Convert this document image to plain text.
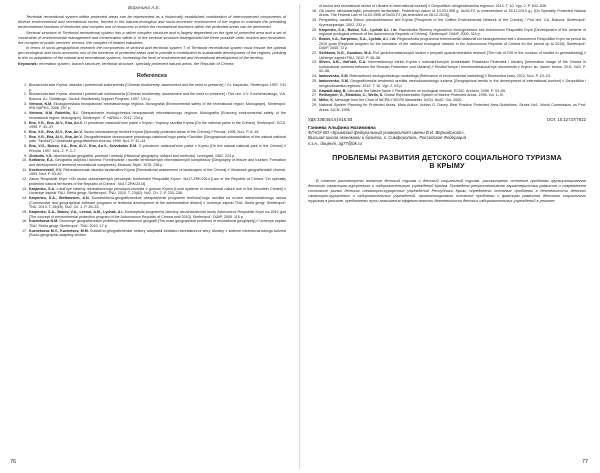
Воронина А.Е.

Territorial recreational system within protected areas can be represented as a historically established combination of interconnected components of diverse environmental and recreational sector, formed in the natural-ecological and socio-economic environment of the region to maintain the prevailing environmental functions of territories and complex use of resources in which the recreational functions within the protected areas can be performed.

Sectoral structure of Territorial recreational system has a rather complex structure and is largely dependent on the type of protected area and a set of constraints of environmental management and conservation within it. In the sectoral structure distinguished are three possible units: tourism and recreation, the complex of public services' sectors, the complex of related industries.

In terms of socio-geographical research the components of sectoral and territorial system T of Territorial recreational system must ensure the optimal geo-ecological and socio-economic mix of the functions of protected areas and to provide a contribution to sustainable development of the regions, pointing to the co-adaptation of the natural and recreational systems, increasing the level of environmental and recreational development of the territory.

Keywords: recreation system, branch structure, territorial structure, specially protected natural areas, the Republic of Crimea

References
1. Bioraznoobrazie Kryma: otsenka I potrebnosti sokhraneniia [Crimean biodiversity: assessment and the need to preserve] / Yu. Karpenko. Simferopol: 1997. 131 p.
2. Bioraznoobrazie Kryma: otsenka I potrebnosti sokhraneniia [Crimean biodiversity: assessment and the need to preserve] / Fed red. V.V. Korzhenevskogo, V.A. Bokova, A.I. Dulitskogo. Gurzuf: Biodiversity Support Program, 1997. 131 p.
3. Vetrova, N.M. Ekologicheskaia bezopasnost' rekreatsionnogo regiona: Monografiia [Environmental safety of the recreational region: Monograph]. Simferopol: IRD NAPKS, 2006. 297 p.
4. Vetrova, N.M. Rubetilo, S.I. Obespechenie ekologicheskoi bezopasnosti rekreatsionnogo regiona: Monografiia [Ensuring environmental safety of the recreational region: Monograph]. Simferopol': IT «ARIAL», 2012. 234 p.
5. Ena, V.G., Ena, Al.V., Ena, An.V. O prirodnom natsional'nom parke v Krymu / Voprosy razvitiia Kryma [On the national parks in the Crimea]. Simferopol': SOJI, 1995. P. 42–47.
6. Ena, V.G., Ena, Al.V., Ena, An.V. Osobo okhraniaemye territorii Kryma [Specially protected areas of the Crimea] // Priroda. 1995. No1. P. 6–16.
7. Ena, V.G., Ena, Al.V., Ena, An.V. Geograficheskoe obosnovanie prirodnogo natsional'nogo parka «Tavrida» [Geographical substantiation of the natural national park "Tavrida"] // Ukrainskii geograficheskii zhurnal. 1999. No1. P. 42–44.
8. Ena, V.G., Bokov, V.A., Ena, Al.V., Ena, An.V., Krivokulov E.M. O prirodnom natsional'nom parke v Krymu [On the natural national park in the Crimea] // Priroda. 1997. No1–2. P. 2–7.
9. Zhekulin, V.S. Istoricheskaia geografiia: predmet i metody [Historical geography: subject and methods]. Leningrad, 1982. 224 p.
10. Kotliarov, E.A. Geografiia otdykha i turizma: Formirovanie i razvitie territorial'nykh rekreatsionnykh kompleksov [Geography of leisure and tourism: Formation and development of territorial recreational complexes]. Moscow: Mysl', 1978. 238 p.
11. Korzhenevskii, V.V. Rekreatsionnaia otsenka landshaftov Kryma [Recreational assessment of landscapes of the Crimea] // Ukrainskii geograficheskii zhurnal. 1993. No4. P. 53–57.
12. Zakon Respubliki Krym «Ob osobo okhraniaemykh prirodnykh territoriiakh Respubliki Krym». No17-ZRK/2014 [Law of the Republic of Crimea "On specially protected natural territories of the Republic of Crimea". No17-ZRK/2014].
13. Karpenko, S.A. Lokal'nye sistemy rekreatsionnogo prirodopol'zovaniia v gornom Krymu [Local systems of recreational nature use in the Mountain Crimea] // Ucheniye zapiski TNU: Seriia geogr. Simferopol': TNU, 2010. T. 23(62). No2. Ch. 2. P. 233–238.
14. Karpenko, S.A., Stefanovich, A.N. Konstruktivno-geograficheskoe obespechenie programm territorial'nogo razvitiia na urovne administrativnogo raiona (Constructive and geographical software programs of territorial development at the administrative district) // Uchenye zapiski TNU: Seriia geogr. Simferopol': TNU, 2013. T. 26(65). No2. Ch. 2. P. 26–33.
15. Karpenko, S.A., Bokov, V.A., Lesnoi, A.M., Lychak, A.I. Kontseptsiia programmy okhrany okruzhaiushchei sredy Avtonomnoi Respubliki Krym na 2010 god [The concept of environmental protection program of the Autonomous Republic of Crimea until 2010]. Simferopol': DIAIP, 2005. 115 p.
16. Kuznetsova N.M. Osnovnye geograficheskie problemy rekreatsionnoi geografii [The main geographical problems of recreational geography] // Uchenye zapiski TNU: Seriia geogr. Simferopol': TNU, 2010. 17 p.
17. Kuznetsova M.V., Kuznetsov, M.M. Sotsial'no-geograficheskie vektory adaptatsii turistsko-rekreatsionnoi sfery Ukrainy v sisteme mezhdunarodnogo turizma [Socio-geographic adapting vectors
76

of tourist and recreational sector of Ukraine in international tourism] // Geopolitika i ekogeodinamika regionov. 2014. T. 10. Vyp. 2. P. 632–636.

18. Ob osobo okhraniaemykh prirodnykh territoriiakh. Federal'nyi zakon ot 14.03.1995 g. No33-FZ (s izmeneniiami ot 28.12.2013 g.) [On Specially Protected Natural Areas. The Federal Law of 14.03.1995 of No33-FZ (as amended on 28.12.2013)].
19. Perspektivy razvitiia Edinoi prirodookhrannoi seti Kryma [Prospects of the Unified Environmental Network of the Crimea] / Pod red. V.A. Bokova. Simferopol': Krymuchpedgiz, 2002. 232 p.
20. Karpenko, S.A., Bokov, V.A., Lychak A.I. i dr. Razrabotka Skhemy regional'noi ekologicheskoi seti Avtonomnoi Respubliki Krym [Development of the scheme of regional ecological network of the Autonomous Republic of Crimea]. Simferopol': DIAIP, 2009. 324 p.
21. Bokov, V.A., Karpenko, S.A., Lychak, A.I. i dr. Regional'naia programma formirovaniia natsional'noi ekologicheskoi seti v Avtonomnoi Respublike Krym na period do 2015 goda [Regional program for the formation of the national ecological network in the Autonomous Republic of Crimea for the period up to 2015]. Simferopol': DIAIP, 2005. 72 p.
22. Svitikova, N.G., Gusakov, M.A. Rol' geoinformatsionnykh sistem v prinyatii upravlencheskikh reshenii [The role of GIS in the conduct of studies in geomarketing] // Uchenye zapiski TNU. 2012. P. 48–56.
23. Sliven, A.B., Voll'skh, D.A. Informatsionnyi intrich Kryma v sotsiokul'turnykh kontekstakh Rossiiskoi Federatsii i Ukrainy [Information image of the Crimea in sociocultural contexts between the Russian Federation and Ukraine] // Etnokul'turnye i mezhkonfessional'nye otnosheniia v Krymu: sb. nauch. trudov. 2011. No3. P. 52–56.
24. Iankovenko, S.M. Relevantnost' ekologicheskogo marketinga [Relevance of environmental marketing] // Ekonomika kraiu. 2012. No4. P. 19–24.
25. Iankovenko, S.M. Geograficheskie tendentsii razvitiia mezhdunarodnogo turizma [Geographical trends in the development of international tourism] // Geopolitika i ekogeodinamika regionov. 2010. T. 10. Vyp. 2. 63 p.
26. Kawalik-abiy, B. Lithuania: the nature frame // Perspectives on ecological network. ECNC. Arnhem, 1996. P. 93–99.
27. Reifsnyder, G., Elrabkov, C., Wells, S. Global Representative System of Marine Protected Areas. 1995. Vol. 1–IV.
28. Miller, K. Message from the Chair of WCPA // WCPA Newsletter. IUCN. No82. Oct. 2000.
29. National System Planning for Protected Areas. Main Author: Adrian G. Davey. Best Practice Protected Area Guidelines. Series No1. World Commission on Prot. Areas. IUCN. 1998.
УДК 338(484.6):615.83	DOI: 10.12737/7922
Ганиева Альфина Назимовна
ФГАОУ ВО «Крымский федеральный университет имени В.И. Вернадского»,
Высшая школа экономики и бизнеса, г. Симферополь, Российская Федерация
к.э.н., доцент, ag77@bk.ru
ПРОБЛЕМЫ РАЗВИТИЯ ДЕТСКОГО СОЦИАЛЬНОГО ТУРИЗМА
В КРЫМУ

В статье рассмотрены понятие детский туризм и детский социальный туризм, рассмотрены основные проблемы функционирования детского санаторно-курортного и оздоровительного учреждений Крыма. Приведена ретроспективная характеристика развития и современное состояние рынка детских санаторно-курортных учреждений Республики Крым, определены основные проблемы в деятельности детских санаторно-курортных и оздоровительных учреждений, проанализированы основные проблемы и факторы развития детского социального туризма в регионе, предложены пути повышения эффективности деятельности детских оздоровительных учреждений в регионе.

77
